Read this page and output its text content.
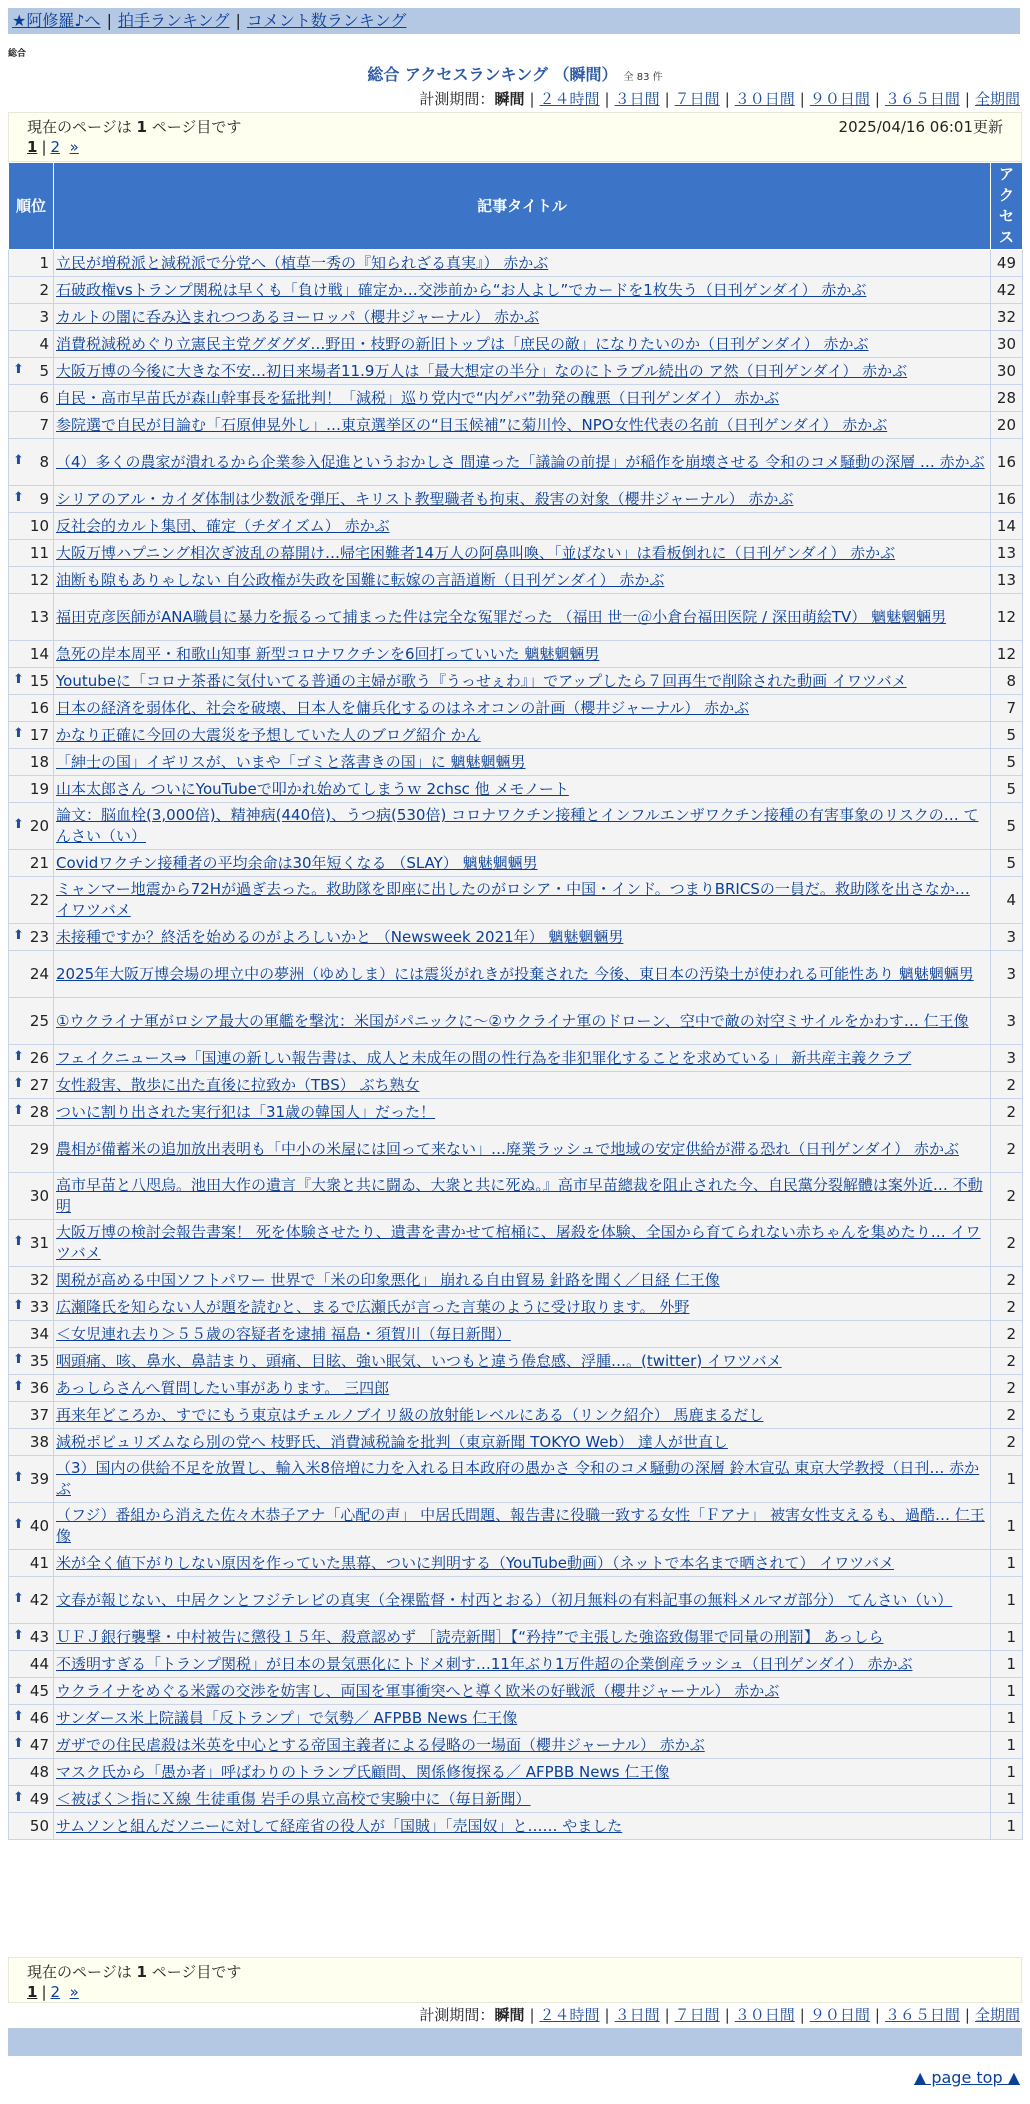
★阿修羅♪へ | 拍手ランキング | コメント数ランキング
総合
総合 アクセスランキング （瞬間） 全 83 件
計測期間：瞬間 | ２４時間 | ３日間 | ７日間 | ３０日間 | ９０日間 | ３６５日間 | 全期間
現在のページは 1 ページ目です	2025/04/16 06:01更新
1 | 2 »
順位	記事タイトル	アクセス
1	立民が増税派と減税派で分党へ（植草一秀の『知られざる真実』） 赤かぶ	49
2	石破政権vsトランプ関税は早くも「負け戦」確定か…交渉前から“お人よし”でカードを1枚失う（日刊ゲンダイ） 赤かぶ	42
3	カルトの闇に呑み込まれつつあるヨーロッパ（櫻井ジャーナル） 赤かぶ	32
4	消費税減税めぐり立憲民主党グダグダ…野田・枝野の新旧トップは「庶民の敵」になりたいのか（日刊ゲンダイ） 赤かぶ	30

⬆ 5	大阪万博の今後に大きな不安…初日来場者11.9万人は「最大想定の半分」なのにトラブル続出の ア然（日刊ゲンダイ） 赤かぶ	30
6	自民・高市早苗氏が森山幹事長を猛批判！「減税」巡り党内で“内ゲバ”勃発の醜悪（日刊ゲンダイ） 赤かぶ	28
7	参院選で自民が目論む「石原伸晃外し」…東京選挙区の“目玉候補”に菊川怜、NPO女性代表の名前（日刊ゲンダイ） 赤かぶ	20

⬆ 8	（4）多くの農家が潰れるから企業参入促進というおかしさ 間違った「議論の前提」が稲作を崩壊させる 令和のコメ騒動の深層 … 赤かぶ	16

⬆ 9	シリアのアル・カイダ体制は少数派を弾圧、キリスト教聖職者も拘束、殺害の対象（櫻井ジャーナル） 赤かぶ	16
10	反社会的カルト集団、確定（チダイズム） 赤かぶ	14
11	大阪万博ハプニング相次ぎ波乱の幕開け…帰宅困難者14万人の阿鼻叫喚、「並ばない」は看板倒れに（日刊ゲンダイ） 赤かぶ	13
12	油断も隙もありゃしない 自公政権が失政を国難に転嫁の言語道断（日刊ゲンダイ） 赤かぶ	13
13	福田克彦医師がANA職員に暴力を振るって捕まった件は完全な冤罪だった （福田 世一＠小倉台福田医院 / 深田萌絵TV） 魑魅魍魎男	12
14	急死の岸本周平・和歌山知事 新型コロナワクチンを6回打っていいた 魑魅魍魎男	12

⬆ 15	Youtubeに「コロナ茶番に気付いてる普通の主婦が歌う『うっせぇわ』」でアップしたら７回再生で削除された動画 イワツバメ	8
16	日本の経済を弱体化、社会を破壊、日本人を傭兵化するのはネオコンの計画（櫻井ジャーナル） 赤かぶ	7

⬆ 17	かなり正確に今回の大震災を予想していた人のブログ紹介 かん	5
18	「紳士の国」イギリスが、いまや「ゴミと落書きの国」に 魑魅魍魎男	5
19	山本太郎さん ついにYouTubeで叩かれ始めてしまうｗ 2chsc 他 メモノート	5

⬆ 20	論文：脳血栓(3,000倍)、精神病(440倍)、うつ病(530倍) コロナワクチン接種とインフルエンザワクチン接種の有害事象のリスクの… てんさい（い）	5
21	Covidワクチン接種者の平均余命は30年短くなる （SLAY） 魑魅魍魎男	5
22	ミャンマー地震から72Hが過ぎ去った。救助隊を即座に出したのがロシア・中国・インド。つまりBRICSの一員だ。救助隊を出さなか… イワツバメ	4

⬆ 23	未接種ですか？終活を始めるのがよろしいかと （Newsweek 2021年） 魑魅魍魎男	3
24	2025年大阪万博会場の埋立中の夢洲（ゆめしま）には震災がれきが投棄された 今後、東日本の汚染土が使われる可能性あり 魑魅魍魎男	3
25	①ウクライナ軍がロシア最大の軍艦を撃沈：米国がパニックに～②ウクライナ軍のドローン、空中で敵の対空ミサイルをかわす… 仁王像	3

⬆ 26	フェイクニュース⇒「国連の新しい報告書は、成人と未成年の間の性行為を非犯罪化することを求めている」 新共産主義クラブ	3

⬆ 27	女性殺害、散歩に出た直後に拉致か（TBS） ぶち熟女	2

⬆ 28	ついに割り出された実行犯は「31歳の韓国人」だった！	2
29	農相が備蓄米の追加放出表明も「中小の米屋には回って来ない」…廃業ラッシュで地域の安定供給が滞る恐れ（日刊ゲンダイ） 赤かぶ	2
30	高市早苗と八咫烏。池田大作の遺言『大衆と共に闘ゐ、大衆と共に死ぬ。』高市早苗總裁を阻止された今、自民黨分裂解體は案外近… 不動明	2

⬆ 31	大阪万博の検討会報告書案！ 死を体験させたり、遺書を書かせて棺桶に、屠殺を体験、全国から育てられない赤ちゃんを集めたり… イワツバメ	2
32	関税が高める中国ソフトパワー 世界で「米の印象悪化」 崩れる自由貿易 針路を聞く／日経 仁王像	2

⬆ 33	広瀬隆氏を知らない人が題を読むと、まるで広瀬氏が言った言葉のように受け取ります。 外野	2
34	＜女児連れ去り＞５５歳の容疑者を逮捕 福島・須賀川（毎日新聞）	2

⬆ 35	咽頭痛、咳、鼻水、鼻詰まり、頭痛、目眩、強い眠気、いつもと違う倦怠感、浮腫…。(twitter) イワツバメ	2

⬆ 36	あっしらさんへ質問したい事があります。 三四郎	2
37	再来年どころか、すでにもう東京はチェルノブイリ級の放射能レベルにある（リンク紹介） 馬鹿まるだし	2
38	減税ポピュリズムなら別の党へ 枝野氏、消費減税論を批判（東京新聞 TOKYO Web） 達人が世直し	2

⬆ 39	（3）国内の供給不足を放置し、輸入米8倍増に力を入れる日本政府の愚かさ 令和のコメ騒動の深層 鈴木宣弘 東京大学教授（日刊… 赤かぶ	1

⬆ 40	（フジ）番組から消えた佐々木恭子アナ「心配の声」 中居氏問題、報告書に役職一致する女性「Ｆアナ」 被害女性支えるも、過酷… 仁王像	1
41	米が全く値下がりしない原因を作っていた黒幕、ついに判明する（YouTube動画）（ネットで本名まで晒されて） イワツバメ	1

⬆ 42	文春が報じない、中居クンとフジテレビの真実（全裸監督・村西とおる）（初月無料の有料記事の無料メルマガ部分） てんさい（い）	1

⬆ 43	ＵＦＪ銀行襲撃・中村被告に懲役１５年、殺意認めず ［読売新聞］【“矜持”で主張した強盗致傷罪で同量の刑罰】 あっしら	1
44	不透明すぎる「トランプ関税」が日本の景気悪化にトドメ刺す…11年ぶり1万件超の企業倒産ラッシュ（日刊ゲンダイ） 赤かぶ	1

⬆ 45	ウクライナをめぐる米露の交渉を妨害し、両国を軍事衝突へと導く欧米の好戦派（櫻井ジャーナル） 赤かぶ	1

⬆ 46	サンダース米上院議員「反トランプ」で気勢／ AFPBB News 仁王像	1

⬆ 47	ガザでの住民虐殺は米英を中心とする帝国主義者による侵略の一場面（櫻井ジャーナル） 赤かぶ	1
48	マスク氏から「愚か者」呼ばわりのトランプ氏顧問、関係修復探る／ AFPBB News 仁王像	1

⬆ 49	＜被ばく＞指にＸ線 生徒重傷 岩手の県立高校で実験中に（毎日新聞）	1
50	サムソンと組んだソニーに対して経産省の役人が「国賊」「売国奴」と…… やました	1
現在のページは 1 ページ目です
1 | 2 »
計測期間：瞬間 | ２４時間 | ３日間 | ７日間 | ３０日間 | ９０日間 | ３６５日間 | 全期間
▲ page top ▲
